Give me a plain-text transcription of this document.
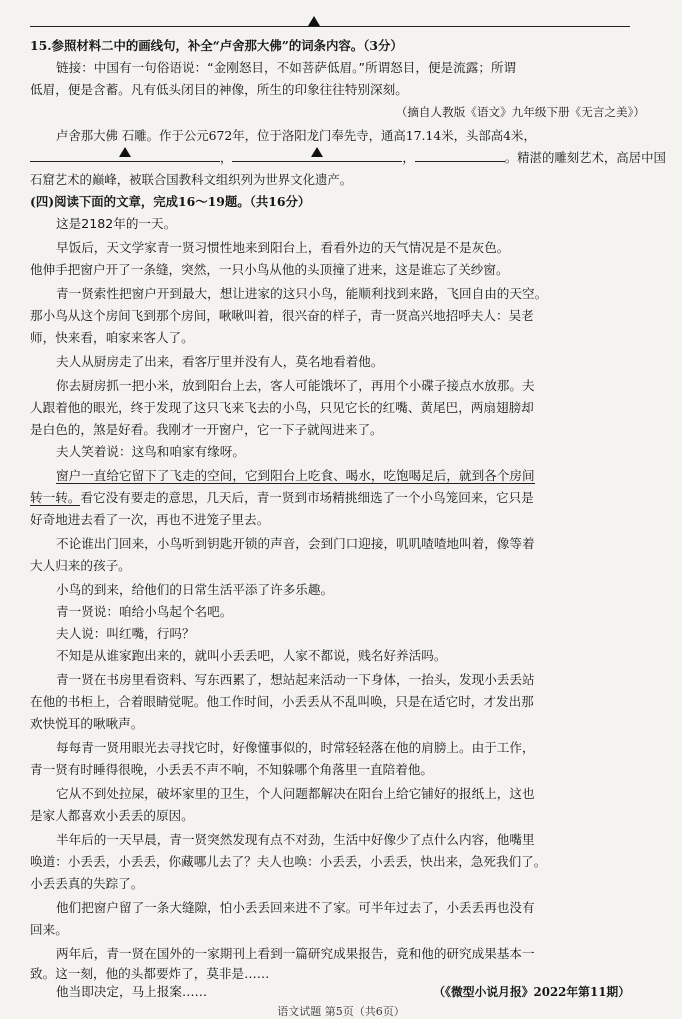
15.参照材料二中的画线句，补全“卢舍那大佛”的词条内容。（3分）
链接：中国有一句俗语说：“金刚怒目，不如菩萨低眉。”所谓怒目，便是流露；所谓
低眉，便是含蓄。凡有低头闭目的神像，所生的印象往往特别深刻。
（摘自人教版《语文》九年级下册《无言之美》）
卢舍那大佛 石雕。作于公元672年，位于洛阳龙门奉先寺，通高17.14米，头部高4米，
，	，	。精湛的雕刻艺术，高居中国
石窟艺术的巅峰，被联合国教科文组织列为世界文化遗产。
(四)阅读下面的文章，完成16～19题。（共16分）
这是2182年的一天。
早饭后，天文学家青一贤习惯性地来到阳台上，看看外边的天气情况是不是灰色。
他伸手把窗户开了一条缝，突然，一只小鸟从他的头顶撞了进来，这是谁忘了关纱窗。
青一贤索性把窗户开到最大，想让进家的这只小鸟，能顺利找到来路，飞回自由的天空。
那小鸟从这个房间飞到那个房间，啾啾叫着，很兴奋的样子，青一贤高兴地招呼夫人：吴老
师，快来看，咱家来客人了。
夫人从厨房走了出来，看客厅里并没有人，莫名地看着他。
你去厨房抓一把小米，放到阳台上去，客人可能饿坏了，再用个小碟子接点水放那。夫
人跟着他的眼光，终于发现了这只飞来飞去的小鸟，只见它长的红嘴、黄尾巴，两扇翅膀却
是白色的，煞是好看。我刚才一开窗户，它一下子就闯进来了。
夫人笑着说：这鸟和咱家有缘呀。
窗户一直给它留下了飞走的空间，它到阳台上吃食、喝水，吃饱喝足后，就到各个房间
转一转。看它没有要走的意思，几天后，青一贤到市场精挑细选了一个小鸟笼回来，它只是
好奇地进去看了一次，再也不进笼子里去。
不论谁出门回来，小鸟听到钥匙开锁的声音，会到门口迎接，叽叽喳喳地叫着，像等着
大人归来的孩子。
小鸟的到来，给他们的日常生活平添了许多乐趣。
青一贤说：咱给小鸟起个名吧。
夫人说：叫红嘴，行吗？
不知是从谁家跑出来的，就叫小丢丢吧，人家不都说，贱名好养活吗。
青一贤在书房里看资料、写东西累了，想站起来活动一下身体，一抬头，发现小丢丢站
在他的书柜上，合着眼睛觉呢。他工作时间，小丢丢从不乱叫唤，只是在适它时，才发出那
欢快悦耳的啾啾声。
每每青一贤用眼光去寻找它时，好像懂事似的，时常轻轻落在他的肩膀上。由于工作，
青一贤有时睡得很晚，小丢丢不声不响，不知躲哪个角落里一直陪着他。
它从不到处拉屎，破坏家里的卫生，个人问题都解决在阳台上给它铺好的报纸上，这也
是家人都喜欢小丢丢的原因。
半年后的一天早晨，青一贤突然发现有点不对劲，生活中好像少了点什么内容，他嘴里
唤道：小丢丢，小丢丢，你藏哪儿去了？夫人也唤：小丢丢，小丢丢，快出来，急死我们了。
小丢丢真的失踪了。
他们把窗户留了一条大缝隙，怕小丢丢回来进不了家。可半年过去了，小丢丢再也没有
回来。
两年后，青一贤在国外的一家期刊上看到一篇研究成果报告，竟和他的研究成果基本一
致。这一刻，他的头都要炸了，莫非是……
他当即决定，马上报案……	（《微型小说月报》2022年第11期）
语文试题 第5页（共6页）
